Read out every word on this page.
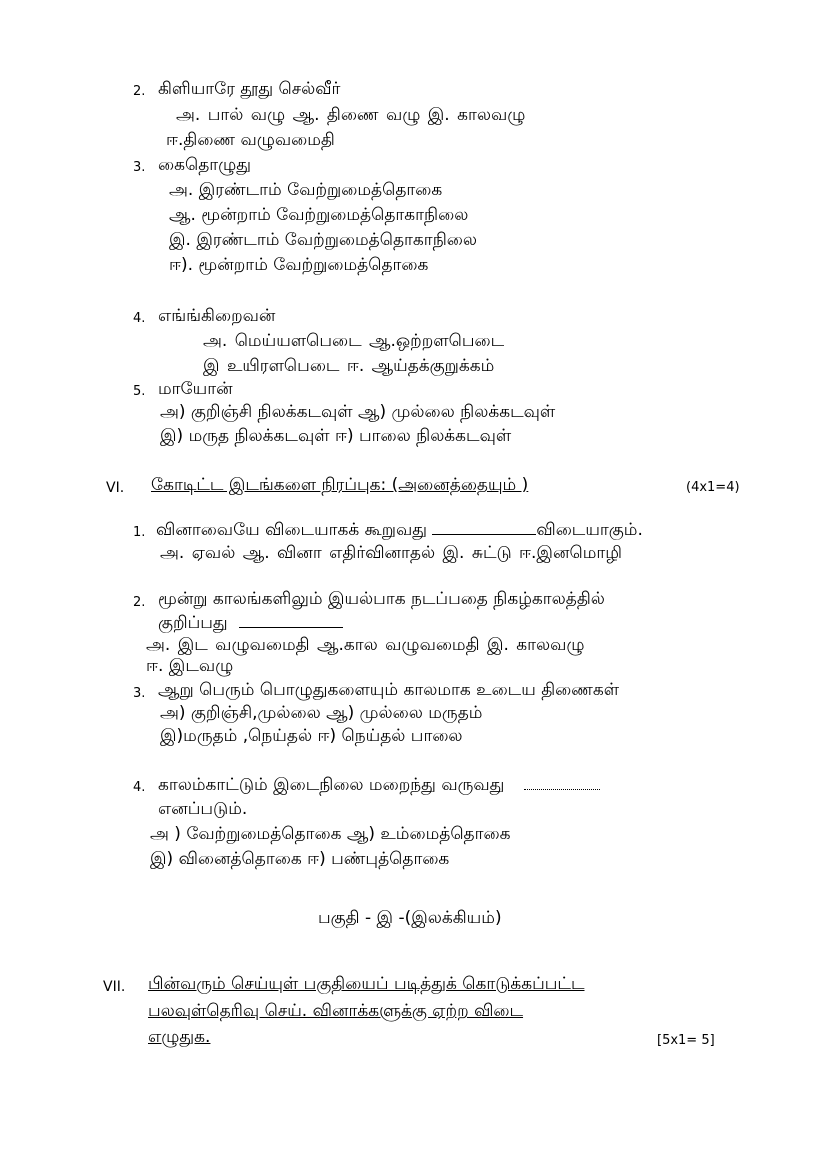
2. கிளியாரே தூது செல்வீர்
அ. பால் வழு ஆ. திணை வழு இ. காலவழு
ஈ.திணை வழுவமைதி
3. கைதொழுது
அ. இரண்டாம் வேற்றுமைத்தொகை
ஆ. மூன்றாம் வேற்றுமைத்தொகாநிலை
இ. இரண்டாம் வேற்றுமைத்தொகாநிலை
ஈ). மூன்றாம் வேற்றுமைத்தொகை
4. எங்ங்கிறைவன்
அ. மெய்யளபெடை ஆ.ஒற்றளபெடை
இ உயிரளபெடை ஈ. ஆய்தக்குறுக்கம்
5. மாயோன்
அ) குறிஞ்சி நிலக்கடவுள் ஆ) முல்லை நிலக்கடவுள்
இ) மருத நிலக்கடவுள் ஈ) பாலை நிலக்கடவுள்
VI. கோடிட்ட இடங்களை நிரப்புக: (அனைத்தையும் )	(4x1=4)
1. வினாவையே விடையாகக் கூறுவது	விடையாகும்.
அ. ஏவல் ஆ. வினா எதிர்வினாதல் இ. சுட்டு ஈ.இனமொழி
2. மூன்று காலங்களிலும் இயல்பாக நடப்பதை நிகழ்காலத்தில்
குறிப்பது
அ. இட வழுவமைதி ஆ.கால வழுவமைதி இ. காலவழு
ஈ. இடவழு
3. ஆறு பெரும் பொழுதுகளையும் காலமாக உடைய திணைகள்
அ) குறிஞ்சி,முல்லை ஆ) முல்லை மருதம்
இ)மருதம் ,நெய்தல் ஈ) நெய்தல் பாலை
4. காலம்காட்டும் இடைநிலை மறைந்து வருவது
எனப்படும்.
அ ) வேற்றுமைத்தொகை ஆ) உம்மைத்தொகை
இ) வினைத்தொகை ஈ) பண்புத்தொகை
பகுதி - இ -(இலக்கியம்)
VII. பின்வரும் செய்யுள் பகுதியைப் படித்துக் கொடுக்கப்பட்ட
பலவுள்தெரிவு செய். வினாக்களுக்கு ஏற்ற விடை
எழுதுக.	[5x1= 5]
